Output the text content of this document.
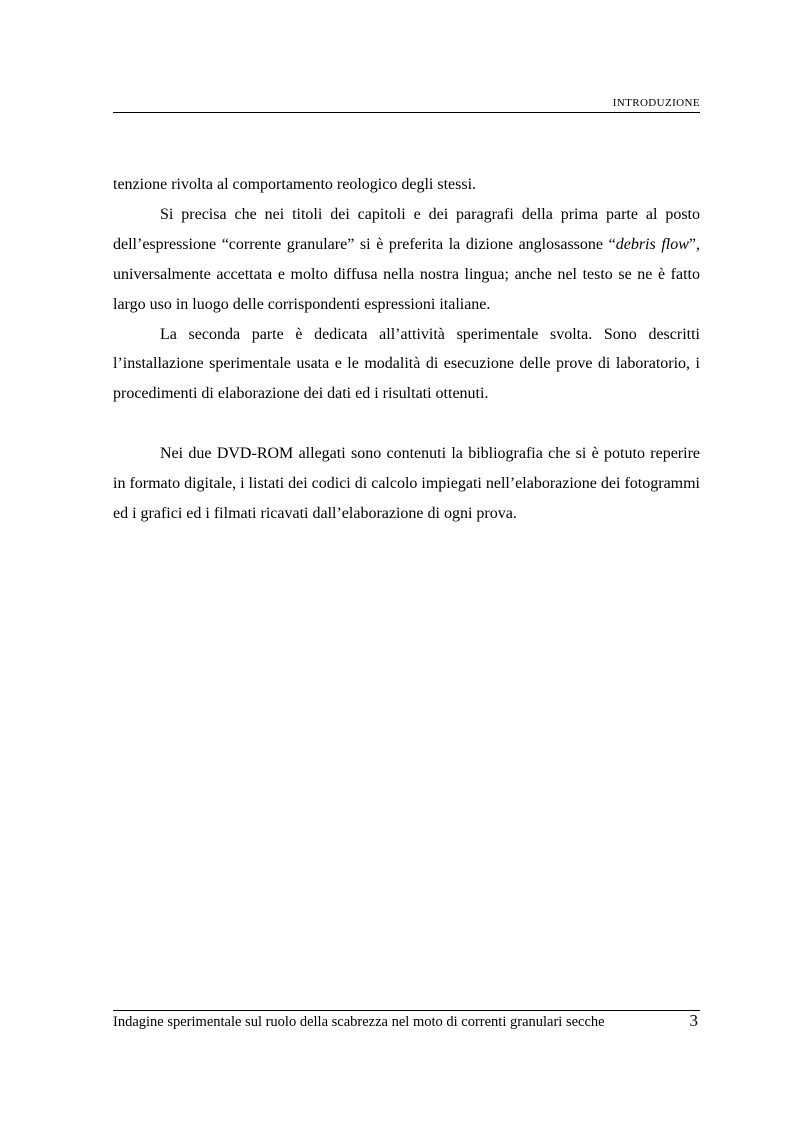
INTRODUZIONE

tenzione rivolta al comportamento reologico degli stessi.

Si precisa che nei titoli dei capitoli e dei paragrafi della prima parte al posto dell’espressione “corrente granulare” si è preferita la dizione anglosassone “debris flow”, universalmente accettata e molto diffusa nella nostra lingua; anche nel testo se ne è fatto largo uso in luogo delle corrispondenti espressioni italiane.

La seconda parte è dedicata all’attività sperimentale svolta. Sono descritti l’installazione sperimentale usata e le modalità di esecuzione delle prove di laboratorio, i procedimenti di elaborazione dei dati ed i risultati ottenuti.

Nei due DVD-ROM allegati sono contenuti la bibliografia che si è potuto reperire in formato digitale, i listati dei codici di calcolo impiegati nell’elaborazione dei fotogrammi ed i grafici ed i filmati ricavati dall’elaborazione di ogni prova.

Indagine sperimentale sul ruolo della scabrezza nel moto di correnti granulari secche	3
